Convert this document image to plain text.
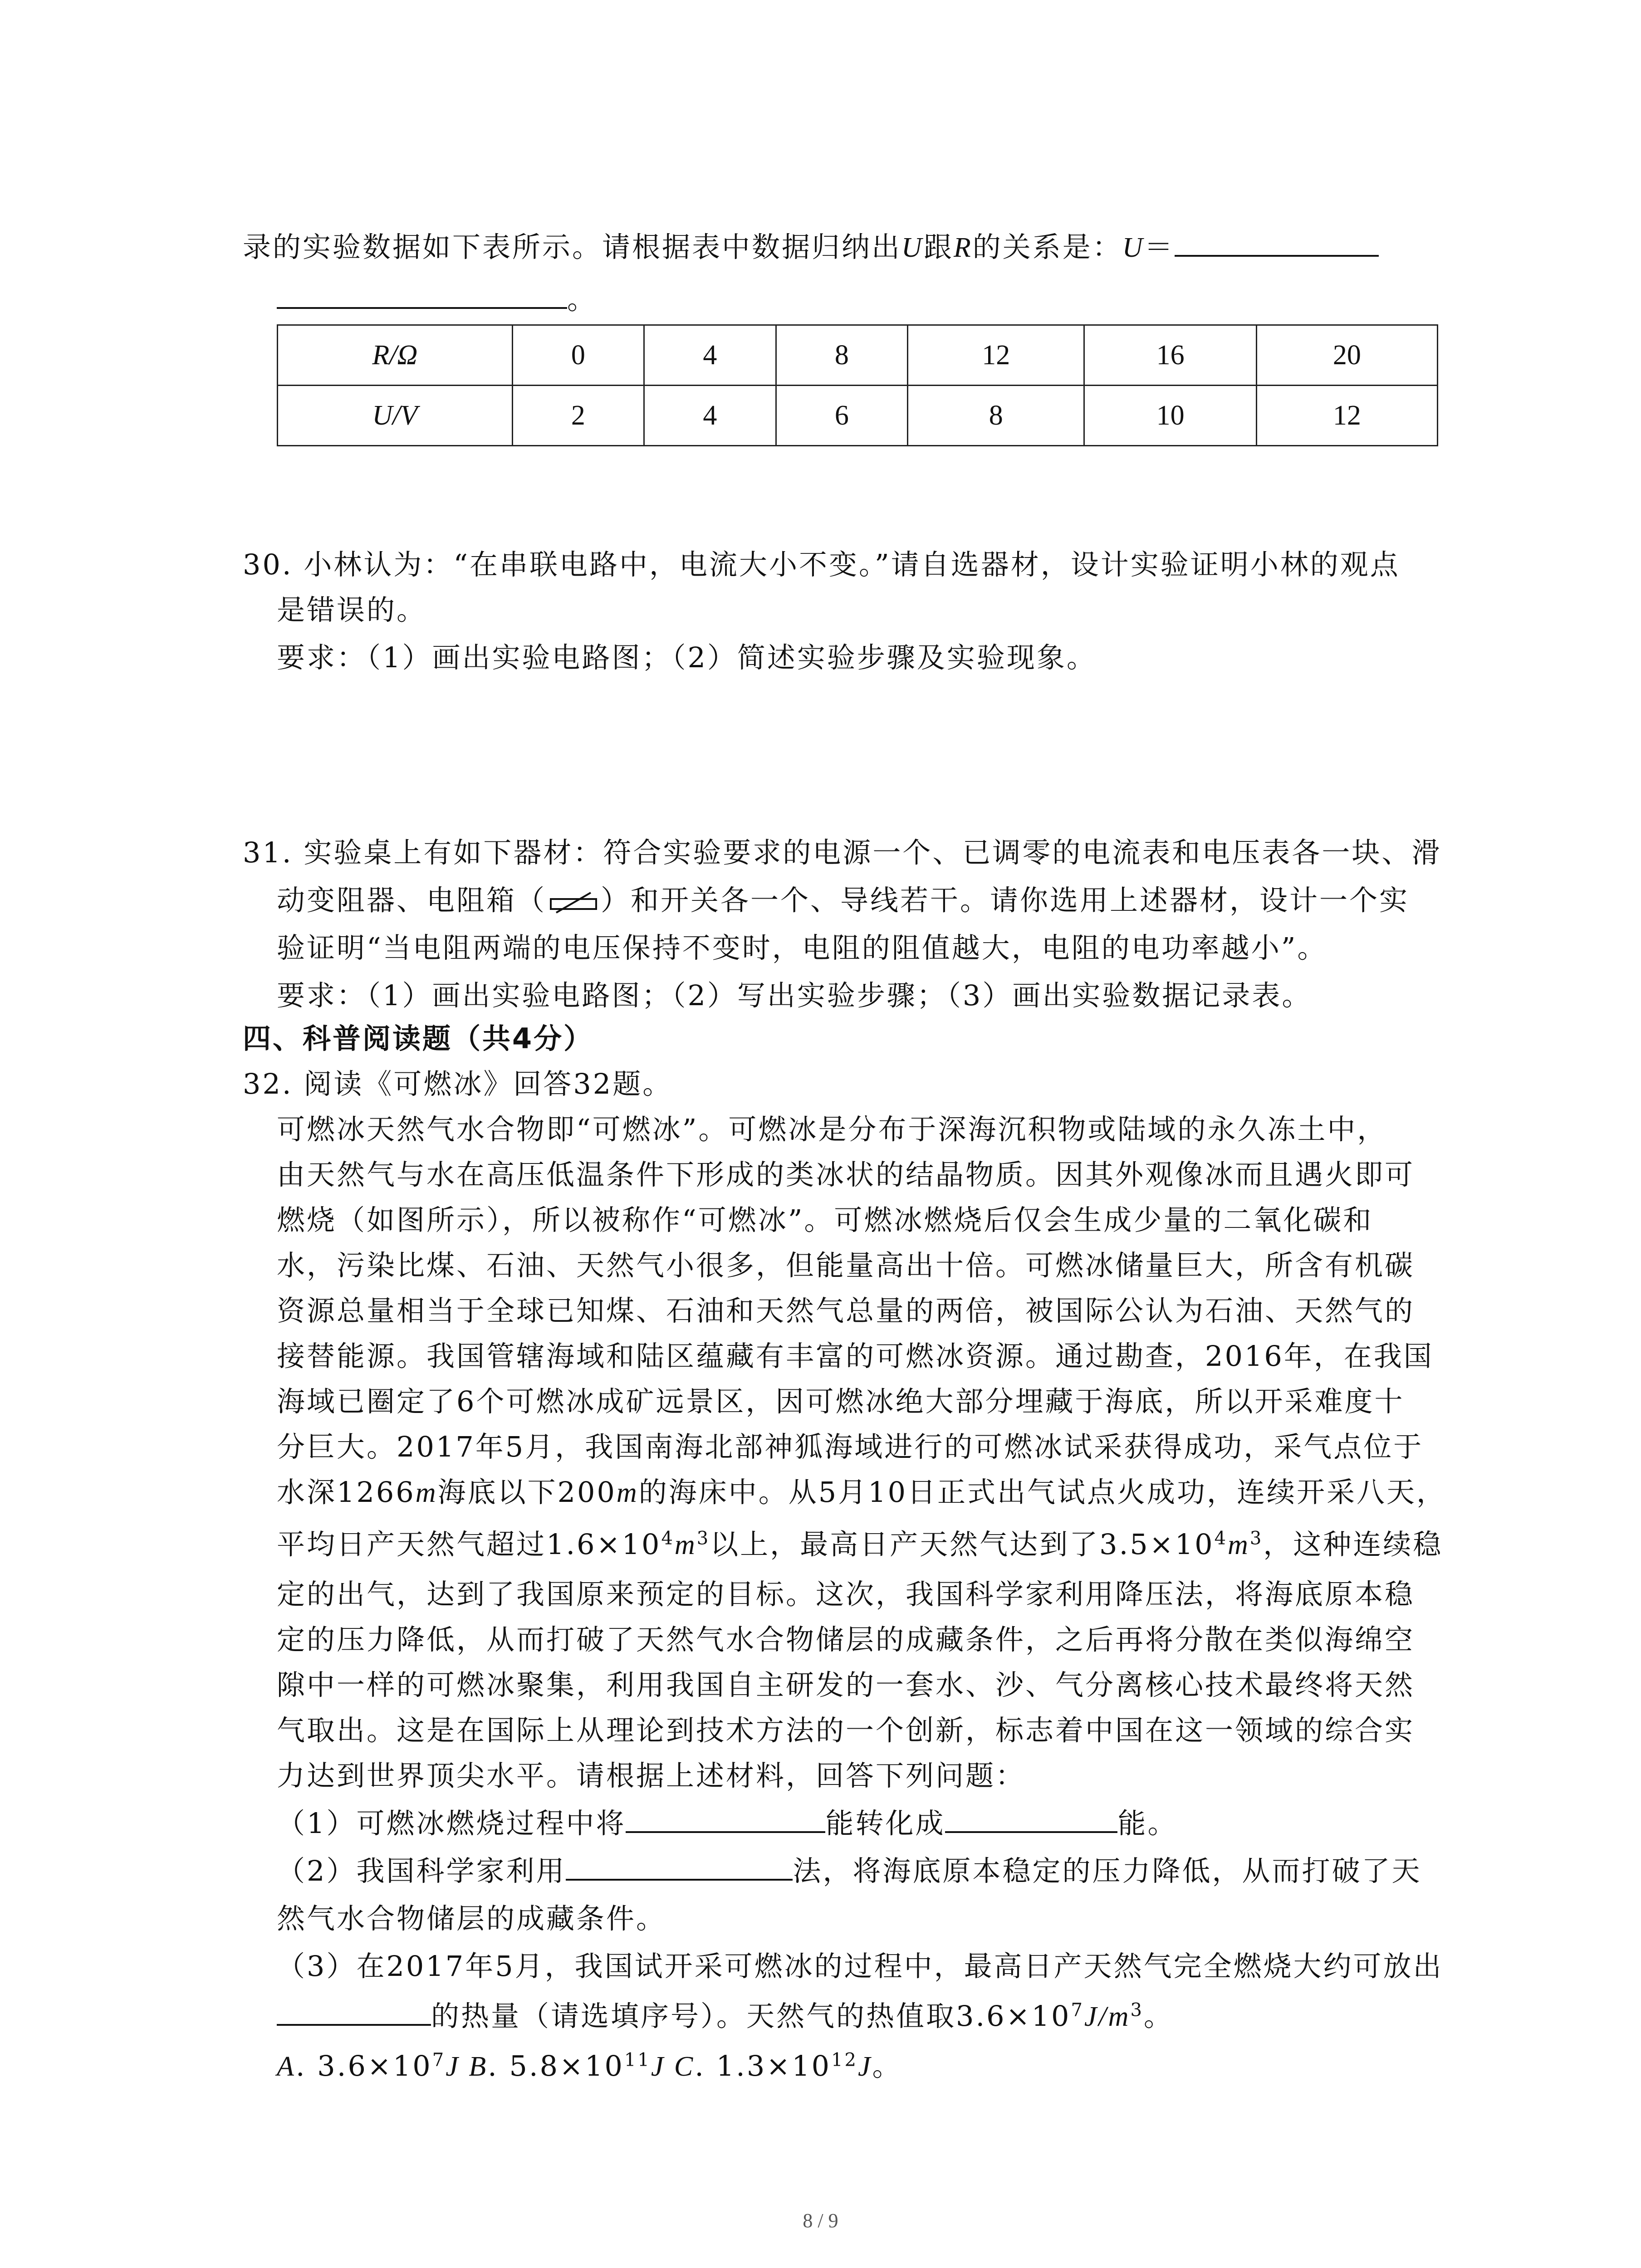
录的实验数据如下表所示。请根据表中数据归纳出U跟R的关系是：U＝
。
R/Ω	0	4	8	12	16	20
U/V	2	4	6	8	10	12
30. 小林认为：“在串联电路中，电流大小不变。”请自选器材，设计实验证明小林的观点
是错误的。
要求：（1）画出实验电路图；（2）简述实验步骤及实验现象。
31. 实验桌上有如下器材：符合实验要求的电源一个、已调零的电流表和电压表各一块、滑
动变阻器、电阻箱（ ）和开关各一个、导线若干。请你选用上述器材，设计一个实
验证明“当电阻两端的电压保持不变时，电阻的阻值越大，电阻的电功率越小”。
要求：（1）画出实验电路图；（2）写出实验步骤；（3）画出实验数据记录表。
四、科普阅读题（共4分）
32. 阅读《可燃冰》回答32题。
可燃冰天然气水合物即“可燃冰”。可燃冰是分布于深海沉积物或陆域的永久冻土中，
由天然气与水在高压低温条件下形成的类冰状的结晶物质。因其外观像冰而且遇火即可
燃烧（如图所示），所以被称作“可燃冰”。可燃冰燃烧后仅会生成少量的二氧化碳和
水，污染比煤、石油、天然气小很多，但能量高出十倍。可燃冰储量巨大，所含有机碳
资源总量相当于全球已知煤、石油和天然气总量的两倍，被国际公认为石油、天然气的
接替能源。我国管辖海域和陆区蕴藏有丰富的可燃冰资源。通过勘查，2016年，在我国
海域已圈定了6个可燃冰成矿远景区，因可燃冰绝大部分埋藏于海底，所以开采难度十
分巨大。2017年5月，我国南海北部神狐海域进行的可燃冰试采获得成功，采气点位于
水深1266m海底以下200m的海床中。从5月10日正式出气试点火成功，连续开采八天，
平均日产天然气超过$1.6\times 10^4m^3$以上，最高日产天然气达到了$3.5\times 10^4m^3$，这种连续稳
定的出气，达到了我国原来预定的目标。这次，我国科学家利用降压法，将海底原本稳
定的压力降低，从而打破了天然气水合物储层的成藏条件，之后再将分散在类似海绵空
隙中一样的可燃冰聚集，利用我国自主研发的一套水、沙、气分离核心技术最终将天然
气取出。这是在国际上从理论到技术方法的一个创新，标志着中国在这一领域的综合实
力达到世界顶尖水平。请根据上述材料，回答下列问题：
（1）可燃冰燃烧过程中将	能转化成	能。
（2）我国科学家利用	法，将海底原本稳定的压力降低，从而打破了天
然气水合物储层的成藏条件。
（3）在2017年5月，我国试开采可燃冰的过程中，最高日产天然气完全燃烧大约可放出
的热量（请选填序号）。天然气的热值取$3.6\times 10^7J/m^3$。
A. $3.6\times 10^7J$ B. $5.8\times 10^{11}J$ C. $1.3\times 10^{12}J$。
8 / 9
